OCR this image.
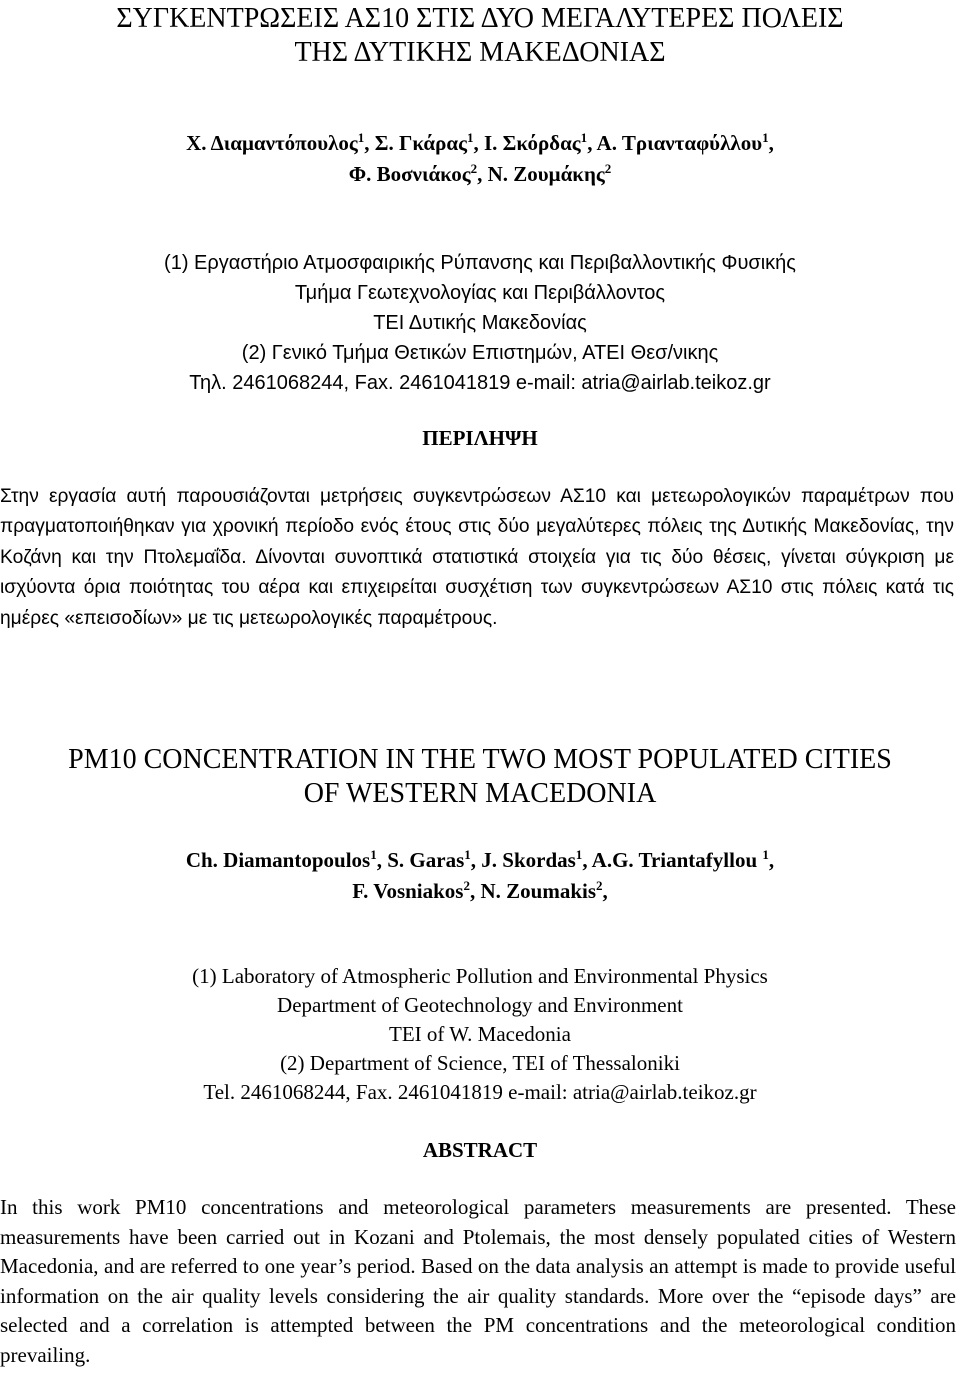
ΣΥΓΚΕΝΤΡΩΣΕΙΣ ΑΣ10 ΣΤΙΣ ΔΥΟ ΜΕΓΑΛΥΤΕΡΕΣ ΠΟΛΕΙΣ
ΤΗΣ ΔΥΤΙΚΗΣ ΜΑΚΕΔΟΝΙΑΣ
Χ. Διαμαντόπουλος$^1$, Σ. Γκάρας$^1$, Ι. Σκόρδας$^1$, Α. Τριανταφύλλου$^1$,
Φ. Βοσνιάκος$^2$, Ν. Ζουμάκης$^2$
(1) Εργαστήριο Ατμοσφαιρικής Ρύπανσης και Περιβαλλοντικής Φυσικής
Τμήμα Γεωτεχνολογίας και Περιβάλλοντος
ΤΕΙ Δυτικής Μακεδονίας
(2) Γενικό Τμήμα Θετικών Επιστημών, ΑΤΕΙ Θεσ/νικης
Τηλ. 2461068244, Fax. 2461041819 e-mail: atria@airlab.teikoz.gr
ΠΕΡΙΛΗΨΗ
Στην εργασία αυτή παρουσιάζονται μετρήσεις συγκεντρώσεων ΑΣ10 και μετεωρολογικών παραμέτρων που πραγματοποιήθηκαν για χρονική περίοδο ενός έτους στις δύο μεγαλύτερες πόλεις της Δυτικής Μακεδονίας, την Κοζάνη και την Πτολεμαΐδα. Δίνονται συνοπτικά στατιστικά στοιχεία για τις δύο θέσεις, γίνεται σύγκριση με ισχύοντα όρια ποιότητας του αέρα και επιχειρείται συσχέτιση των συγκεντρώσεων ΑΣ10 στις πόλεις κατά τις ημέρες «επεισοδίων» με τις μετεωρολογικές παραμέτρους.
PM10 CONCENTRATION IN THE TWO MOST POPULATED CITIES
OF WESTERN MACEDONIA
Ch. Diamantopoulos$^1$, S. Garas$^1$, J. Skordas$^1$, A.G. Triantafyllou $^1$,
F. Vosniakos$^2$, N. Zoumakis$^2$,
(1) Laboratory of Atmospheric Pollution and Environmental Physics
Department of Geotechnology and Environment
TEI of W. Macedonia
(2) Department of Science, TEI of Thessaloniki
Tel. 2461068244, Fax. 2461041819 e-mail: atria@airlab.teikoz.gr
ABSTRACT
In this work PM10 concentrations and meteorological parameters measurements are presented. These measurements have been carried out in Kozani and Ptolemais, the most densely populated cities of Western Macedonia, and are referred to one year’s period. Based on the data analysis an attempt is made to provide useful information on the air quality levels considering the air quality standards. More over the “episode days” are selected and a correlation is attempted between the PM concentrations and the meteorological condition prevailing.
